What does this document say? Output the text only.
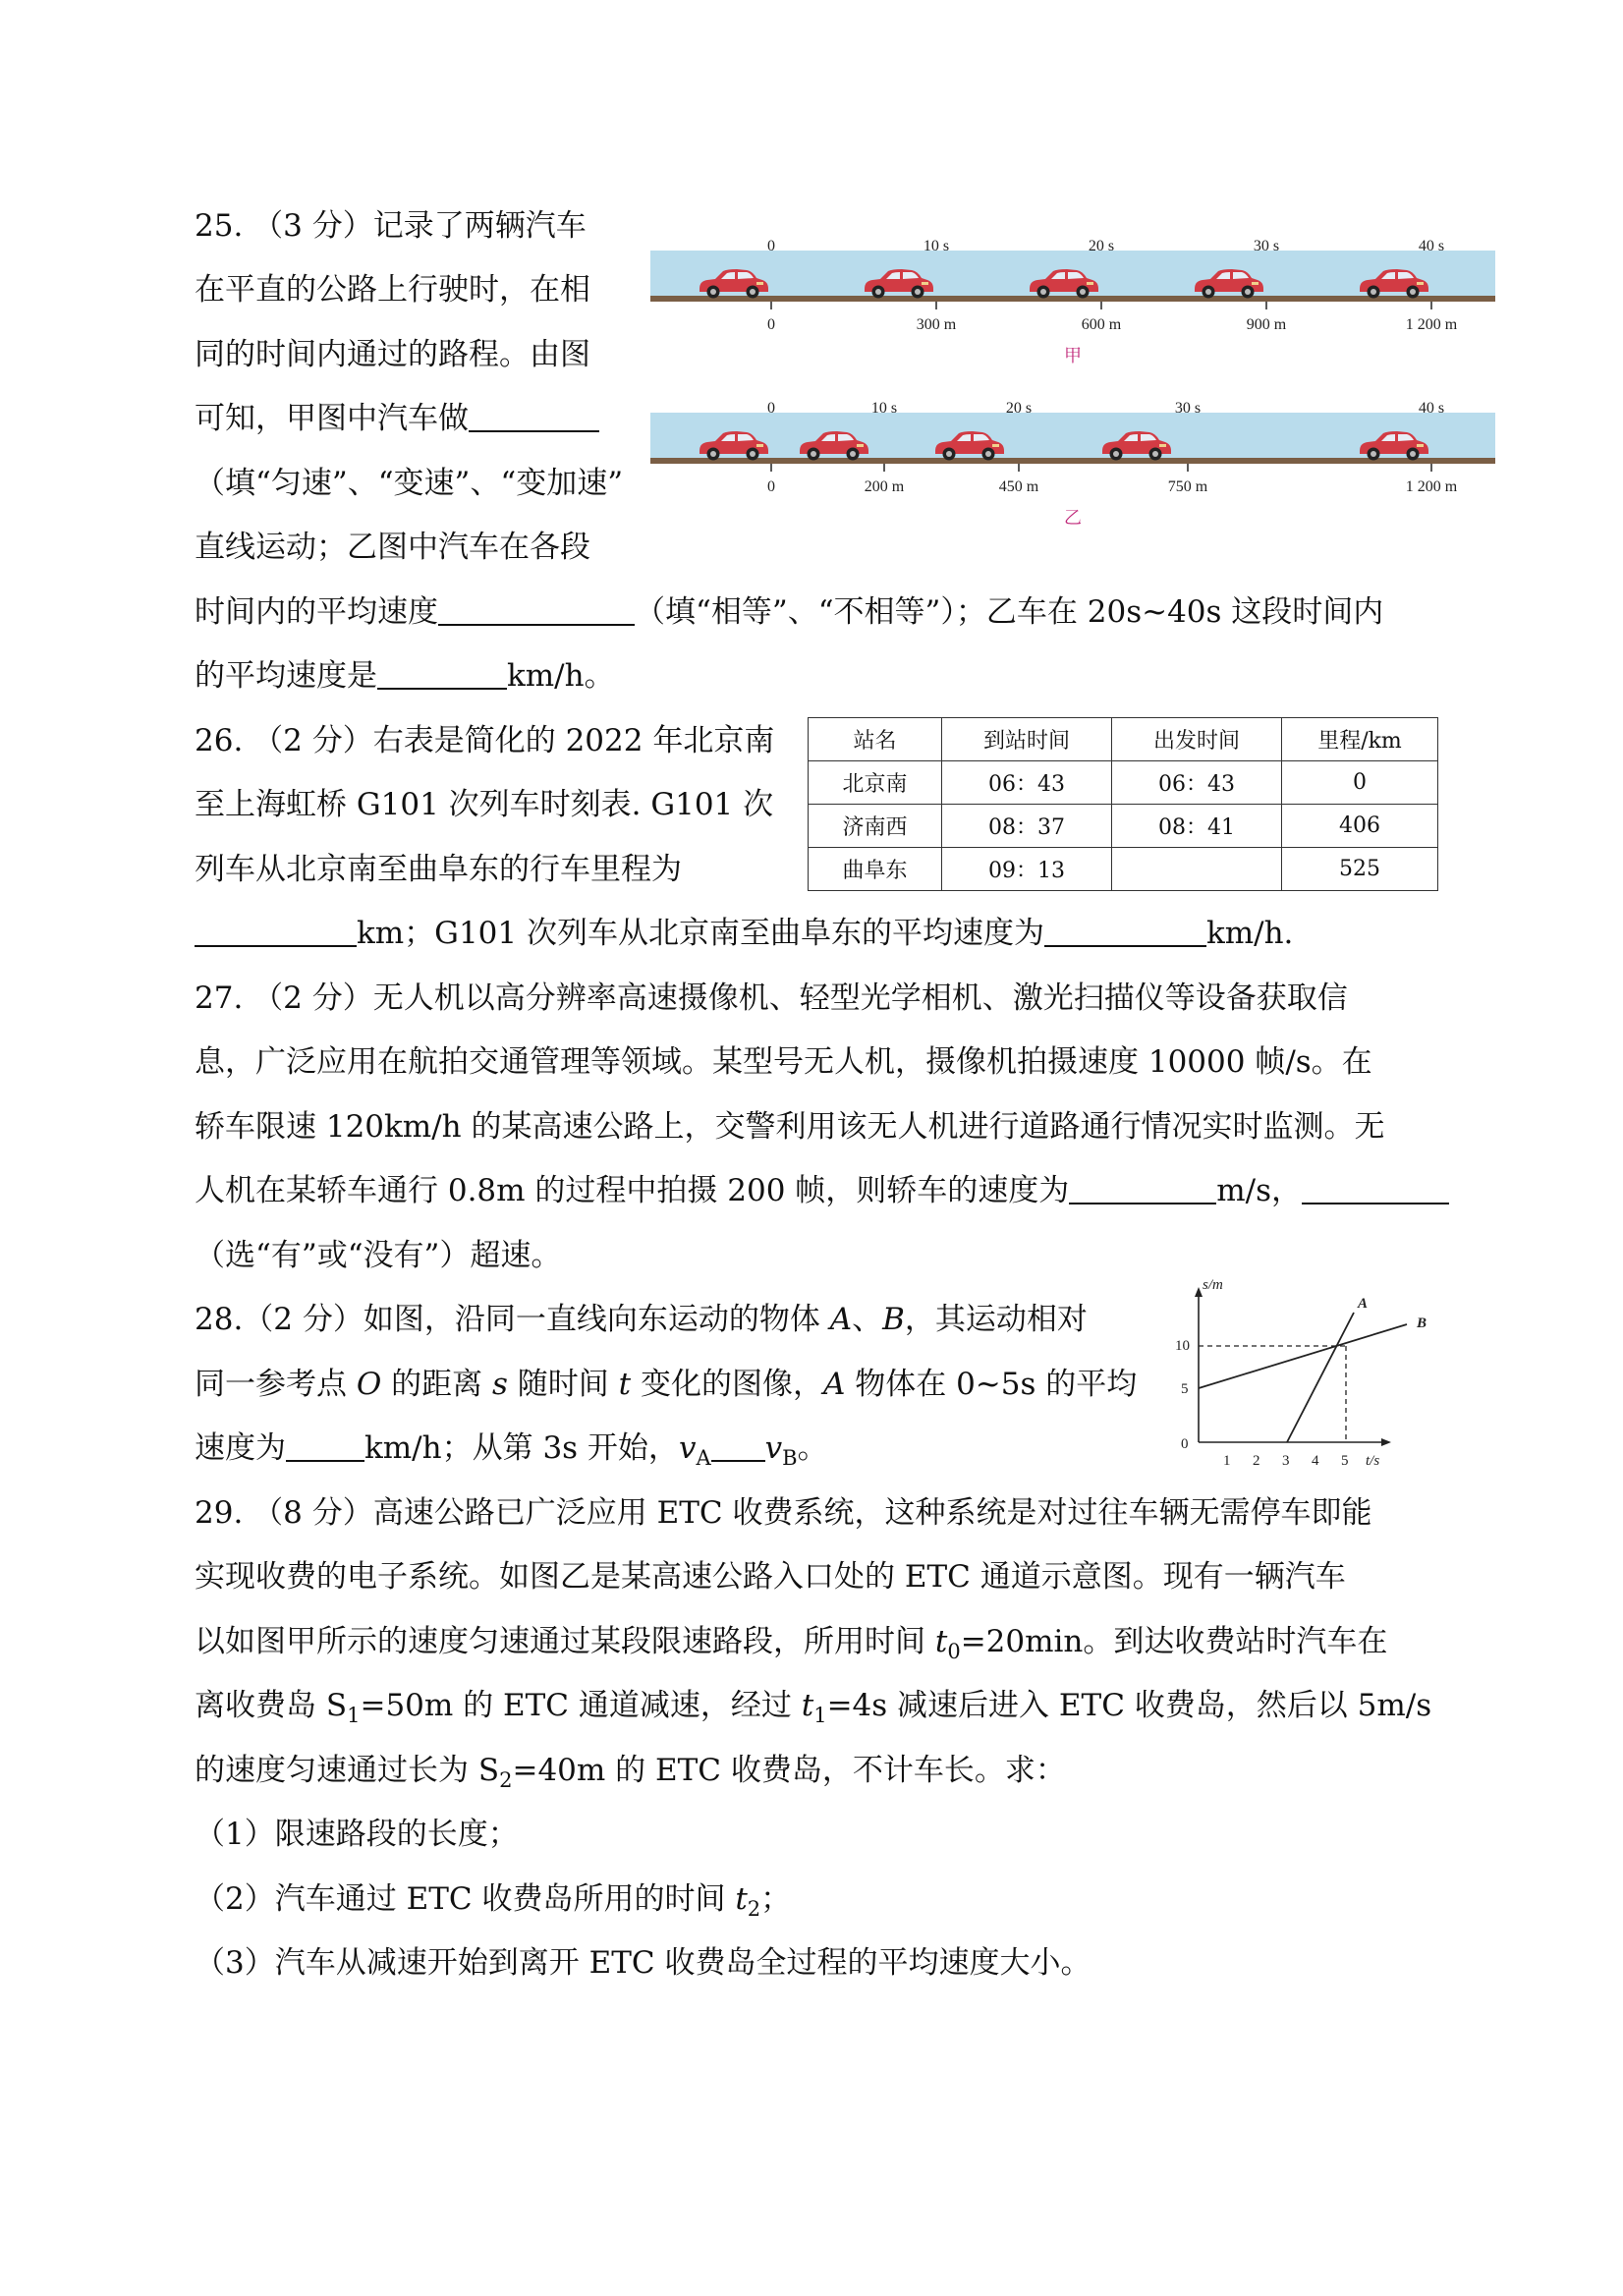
25. （3 分）记录了两辆汽车
在平直的公路上行驶时，在相
同的时间内通过的路程。由图
可知，甲图中汽车做
（填“匀速”、“变速”、“变加速”
直线运动；乙图中汽车在各段
时间内的平均速度	（填“相等”、“不相等”）；乙车在 20s~40s 这段时间内
的平均速度是	km/h。
0	10 s	20 s	30 s	40 s
0	300 m	600 m	900 m	1 200 m
甲
0	10 s	20 s	30 s	40 s
0	200 m	450 m	750 m	1 200 m
乙
26. （2 分）右表是简化的 2022 年北京南
至上海虹桥 G101 次列车时刻表. G101 次
列车从北京南至曲阜东的行车里程为
km；G101 次列车从北京南至曲阜东的平均速度为	km/h.
站名	到站时间	出发时间	里程/km
北京南	06：43	06：43	0
济南西	08：37	08：41	406
曲阜东	09：13		525
27. （2 分）无人机以高分辨率高速摄像机、轻型光学相机、激光扫描仪等设备获取信
息，广泛应用在航拍交通管理等领域。某型号无人机，摄像机拍摄速度 10000 帧/s。在
轿车限速 120km/h 的某高速公路上，交警利用该无人机进行道路通行情况实时监测。无
人机在某轿车通行 0.8m 的过程中拍摄 200 帧，则轿车的速度为	m/s，
（选“有”或“没有”）超速。
28.（2 分）如图，沿同一直线向东运动的物体 A、B，其运动相对
同一参考点 O 的距离 s 随时间 t 变化的图像，A 物体在 0~5s 的平均
速度为	km/h；从第 3s 开始，$v_A$ $v_B$。
s/m
t/s
0
5
10
1 2 3 4 5
A
B
29. （8 分）高速公路已广泛应用 ETC 收费系统，这种系统是对过往车辆无需停车即能
实现收费的电子系统。如图乙是某高速公路入口处的 ETC 通道示意图。现有一辆汽车
以如图甲所示的速度匀速通过某段限速路段，所用时间 $t_0=20\min$。到达收费站时汽车在
离收费岛 $S_1=50m$ 的 ETC 通道减速，经过 $t_1=4s$ 减速后进入 ETC 收费岛，然后以 5m/s
的速度匀速通过长为 $S_2=40m$ 的 ETC 收费岛，不计车长。求：
（1）限速路段的长度；
（2）汽车通过 ETC 收费岛所用的时间 $t_2$；
（3）汽车从减速开始到离开 ETC 收费岛全过程的平均速度大小。
